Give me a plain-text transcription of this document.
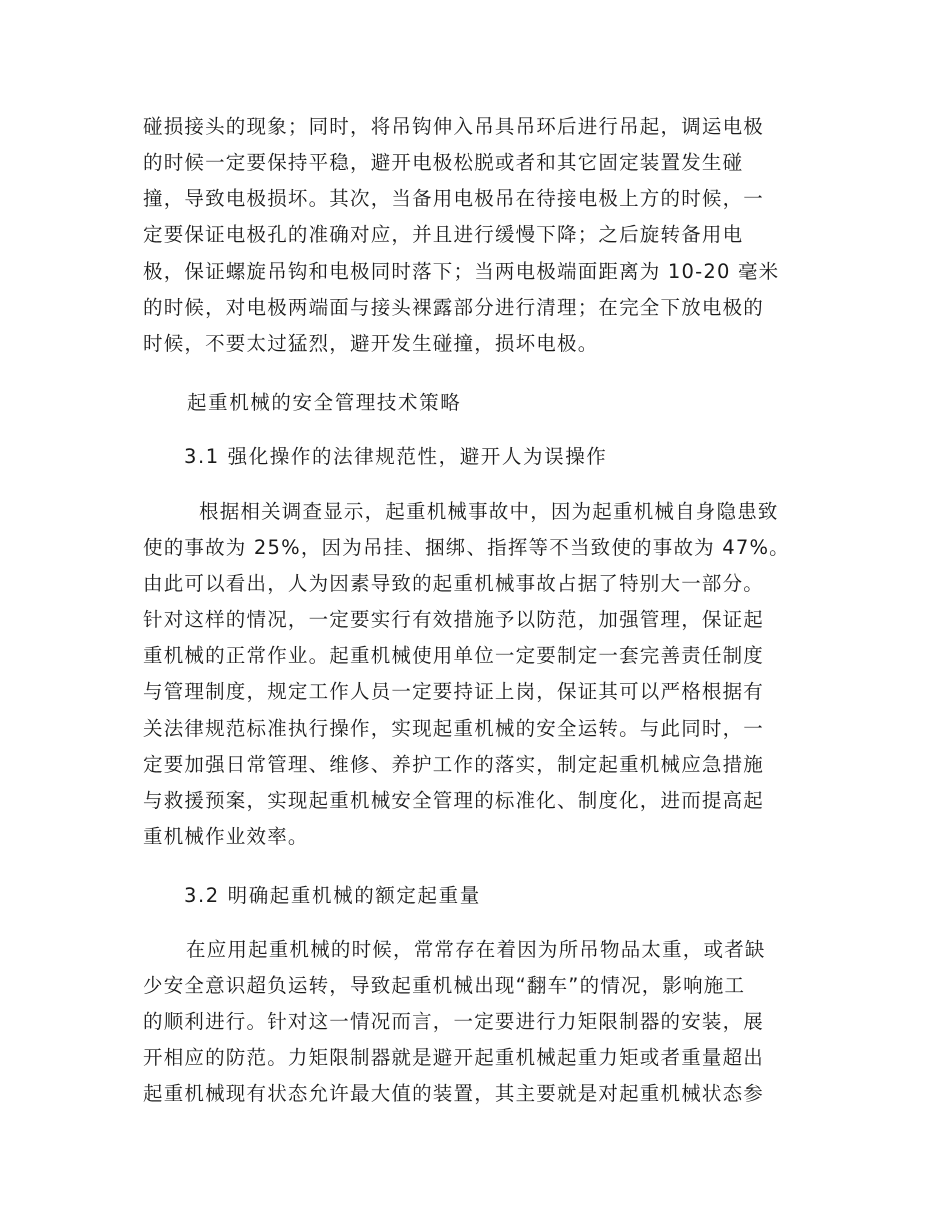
碰损接头的现象；同时，将吊钩伸入吊具吊环后进行吊起，调运电极
的时候一定要保持平稳，避开电极松脱或者和其它固定装置发生碰
撞，导致电极损坏。其次，当备用电极吊在待接电极上方的时候，一
定要保证电极孔的准确对应，并且进行缓慢下降；之后旋转备用电
极，保证螺旋吊钩和电极同时落下；当两电极端面距离为 10-20 毫米
的时候，对电极两端面与接头裸露部分进行清理；在完全下放电极的
时候，不要太过猛烈，避开发生碰撞，损坏电极。
起重机械的安全管理技术策略
3.1 强化操作的法律规范性，避开人为误操作
根据相关调查显示，起重机械事故中，因为起重机械自身隐患致
使的事故为 25%，因为吊挂、捆绑、指挥等不当致使的事故为 47%。
由此可以看出，人为因素导致的起重机械事故占据了特别大一部分。
针对这样的情况，一定要实行有效措施予以防范，加强管理，保证起
重机械的正常作业。起重机械使用单位一定要制定一套完善责任制度
与管理制度，规定工作人员一定要持证上岗，保证其可以严格根据有
关法律规范标准执行操作，实现起重机械的安全运转。与此同时，一
定要加强日常管理、维修、养护工作的落实，制定起重机械应急措施
与救援预案，实现起重机械安全管理的标准化、制度化，进而提高起
重机械作业效率。
3.2 明确起重机械的额定起重量
在应用起重机械的时候，常常存在着因为所吊物品太重，或者缺
少安全意识超负运转，导致起重机械出现“翻车”的情况，影响施工
的顺利进行。针对这一情况而言，一定要进行力矩限制器的安装，展
开相应的防范。力矩限制器就是避开起重机械起重力矩或者重量超出
起重机械现有状态允许最大值的装置，其主要就是对起重机械状态参
